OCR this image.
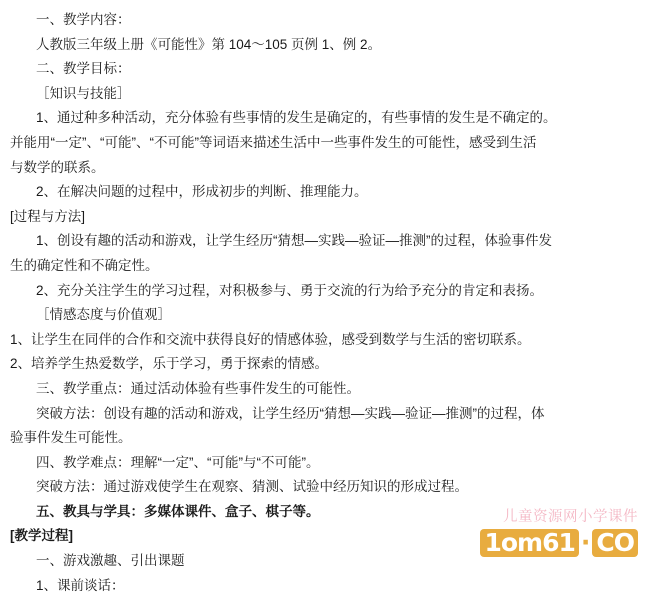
一、教学内容：
人教版三年级上册《可能性》第 104～105 页例 1、例 2。
二、教学目标：
［知识与技能］
1、通过种多种活动，充分体验有些事情的发生是确定的，有些事情的发生是不确定的。
并能用“一定”、“可能”、“不可能”等词语来描述生活中一些事件发生的可能性，感受到生活
与数学的联系。
2、在解决问题的过程中，形成初步的判断、推理能力。
[过程与方法]
1、创设有趣的活动和游戏，让学生经历“猜想—实践—验证—推测”的过程，体验事件发
生的确定性和不确定性。
2、充分关注学生的学习过程，对积极参与、勇于交流的行为给予充分的肯定和表扬。
［情感态度与价值观］
1、让学生在同伴的合作和交流中获得良好的情感体验，感受到数学与生活的密切联系。
2、培养学生热爱数学，乐于学习，勇于探索的情感。
三、教学重点：通过活动体验有些事件发生的可能性。
突破方法：创设有趣的活动和游戏，让学生经历“猜想—实践—验证—推测”的过程，体
验事件发生可能性。
四、教学难点：理解“一定”、“可能”与“不可能”。
突破方法：通过游戏使学生在观察、猜测、试验中经历知识的形成过程。
五、教具与学具：多媒体课件、盒子、棋子等。
[教学过程]
一、游戏激趣、引出课题
1、课前谈话：
儿童资源网小学课件
1om61 · CO
